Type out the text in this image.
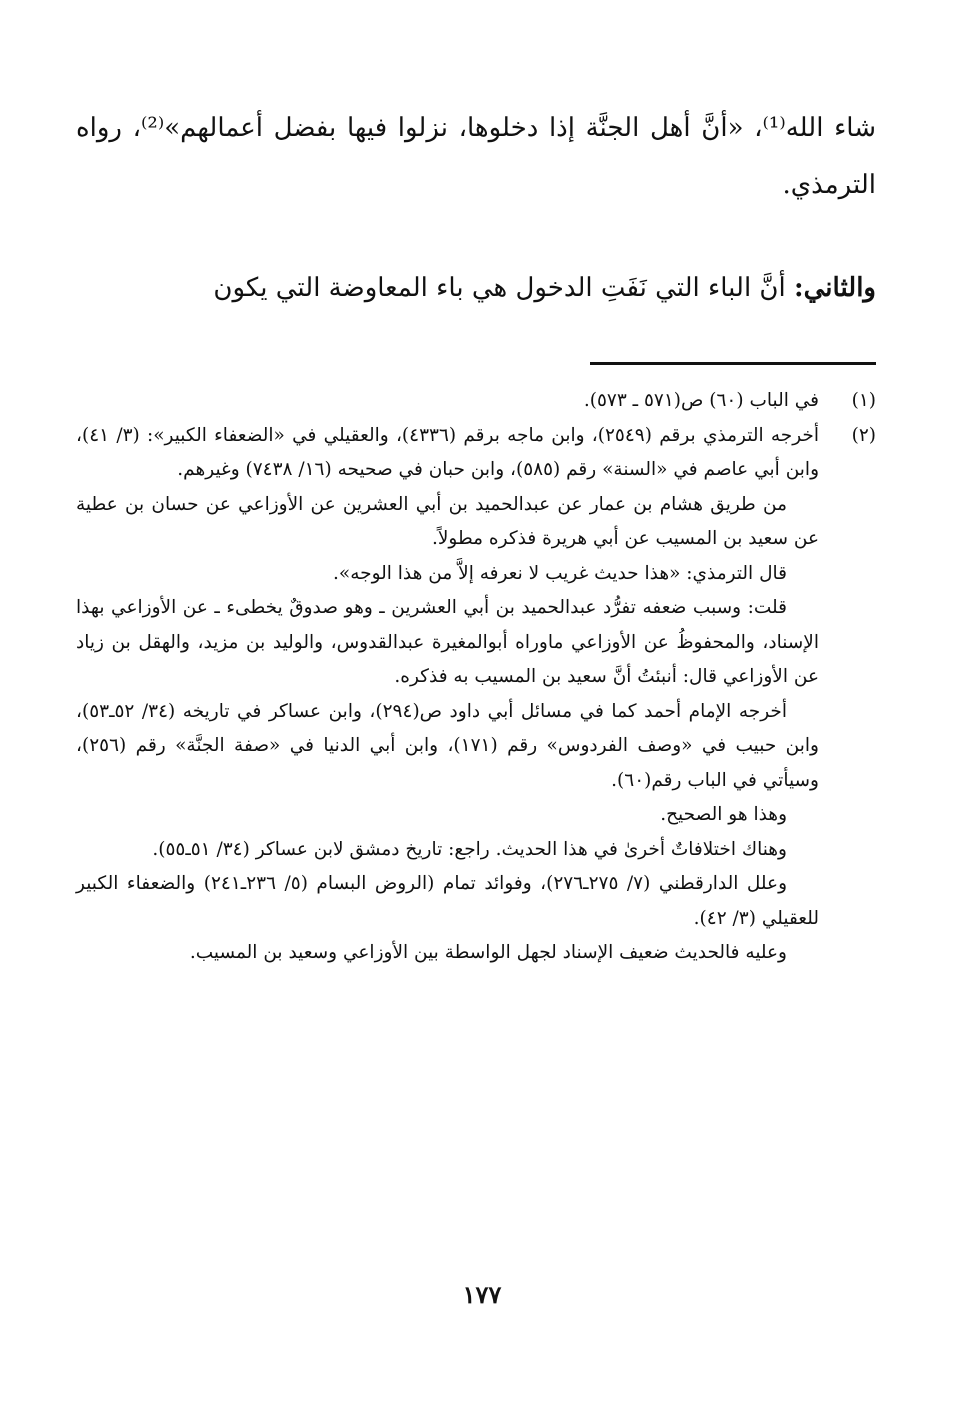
شاء الله⁽¹⁾، «أنَّ أهل الجنَّة إذا دخلوها، نزلوا فيها بفضل أعمالهم»⁽²⁾، رواه الترمذي.

والثاني: أنَّ الباء التي نَفَتِ الدخول هي باء المعاوضة التي يكون

(١)

في الباب (٦٠) ص(٥٧١ ـ ٥٧٣).

(٢)

أخرجه الترمذي برقم (٢٥٤٩)، وابن ماجه برقم (٤٣٣٦)، والعقيلي في «الضعفاء الكبير»: (٣/ ٤١)، وابن أبي عاصم في «السنة» رقم (٥٨٥)، وابن حبان في صحيحه (١٦/ ٧٤٣٨) وغيرهم.

من طريق هشام بن عمار عن عبدالحميد بن أبي العشرين عن الأوزاعي عن حسان بن عطية عن سعيد بن المسيب عن أبي هريرة فذكره مطولاً.

قال الترمذي: «هذا حديث غريب لا نعرفه إلاَّ من هذا الوجه».

قلت: وسبب ضعفه تفرُّد عبدالحميد بن أبي العشرين ـ وهو صدوقٌ يخطىء ـ عن الأوزاعي بهذا الإسناد، والمحفوظُ عن الأوزاعي ماوراه أبوالمغيرة عبدالقدوس، والوليد بن مزيد، والهقل بن زياد عن الأوزاعي قال: أنبئتُ أنَّ سعيد بن المسيب به فذكره.

أخرجه الإمام أحمد كما في مسائل أبي داود ص(٢٩٤)، وابن عساكر في تاريخه (٣٤/ ٥٢ـ٥٣)، وابن حبيب في «وصف الفردوس» رقم (١٧١)، وابن أبي الدنيا في «صفة الجنَّة» رقم (٢٥٦)، وسيأتي في الباب رقم(٦٠).

وهذا هو الصحيح.

وهناك اختلافاتٌ أخرىٰ في هذا الحديث. راجع: تاريخ دمشق لابن عساكر (٣٤/ ٥١ـ٥٥).

وعلل الدارقطني (٧/ ٢٧٥ـ٢٧٦)، وفوائد تمام (الروض البسام (٥/ ٢٣٦ـ٢٤١) والضعفاء الكبير للعقيلي (٣/ ٤٢).

وعليه فالحديث ضعيف الإسناد لجهل الواسطة بين الأوزاعي وسعيد بن المسيب.

١٧٧
